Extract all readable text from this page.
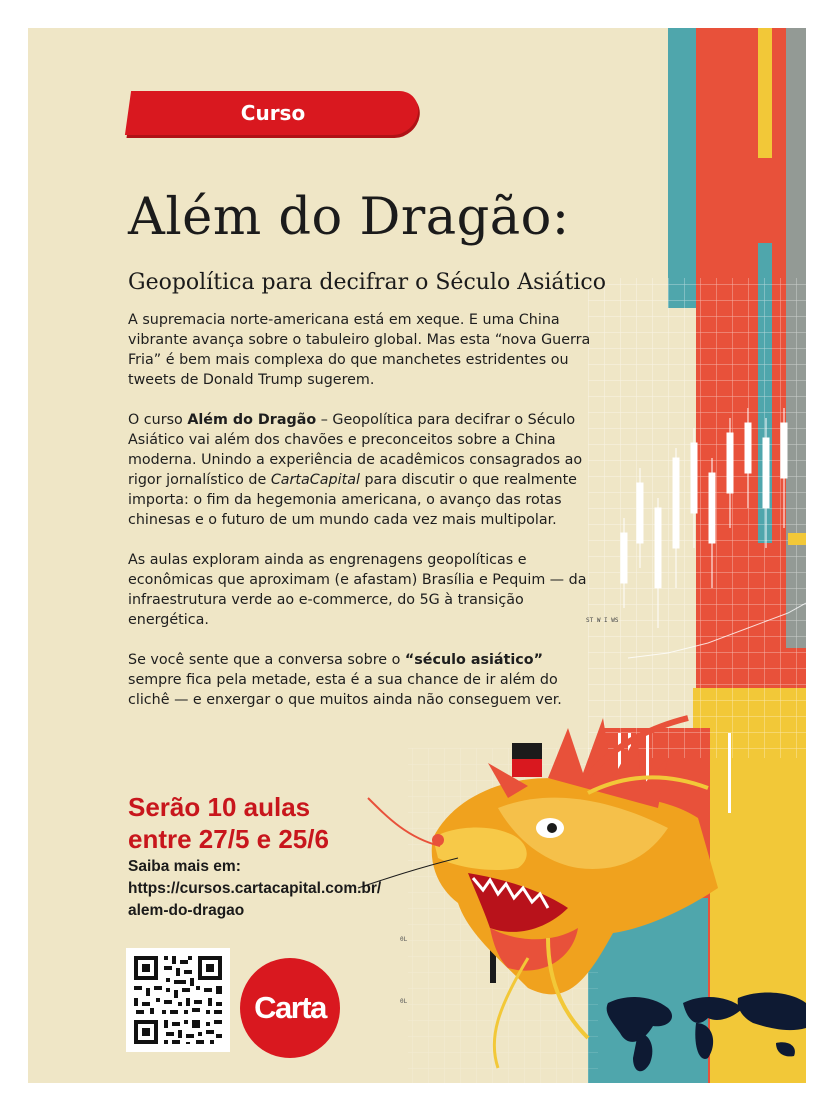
ST W I WS
0L
0L
Curso
Além do Dragão:
Geopolítica para decifrar o Século Asiático

A supremacia norte-americana está em xeque. E uma China vibrante avança sobre o tabuleiro global. Mas esta “nova Guerra Fria” é bem mais complexa do que manchetes estridentes ou tweets de Donald Trump sugerem.

O curso Além do Dragão – Geopolítica para decifrar o Século Asiático vai além dos chavões e preconceitos sobre a China moderna. Unindo a experiência de acadêmicos consagrados ao rigor jornalístico de CartaCapital para discutir o que realmente importa: o fim da hegemonia americana, o avanço das rotas chinesas e o futuro de um mundo cada vez mais multipolar.

As aulas exploram ainda as engrenagens geopolíticas e econômicas que aproximam (e afastam) Brasília e Pequim — da infraestrutura verde ao e-commerce, do 5G à transição energética.

Se você sente que a conversa sobre o “século asiático” sempre fica pela metade, esta é a sua chance de ir além do clichê — e enxergar o que muitos ainda não conseguem ver.

Serão 10 aulas
entre 27/5 e 25/6
Saiba mais em:
https://cursos.cartacapital.com.br/
alem-do-dragao
Carta
